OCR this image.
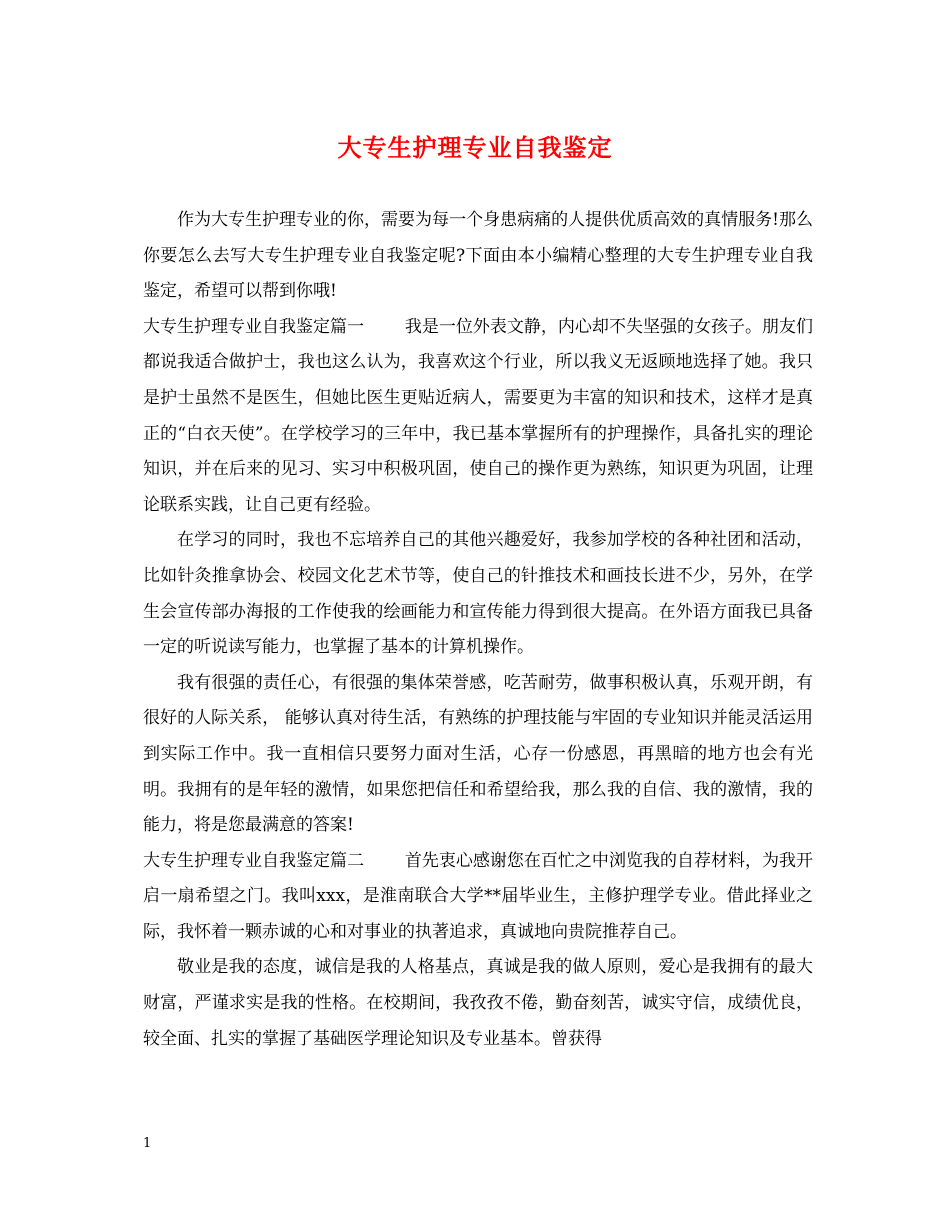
大专生护理专业自我鉴定

作为大专生护理专业的你，需要为每一个身患病痛的人提供优质高效的真情服务!那么你要怎么去写大专生护理专业自我鉴定呢?下面由本小编精心整理的大专生护理专业自我鉴定，希望可以帮到你哦!

大专生护理专业自我鉴定篇一 我是一位外表文静，内心却不失坚强的女孩子。朋友们都说我适合做护士，我也这么认为，我喜欢这个行业，所以我义无返顾地选择了她。我只是护士虽然不是医生，但她比医生更贴近病人，需要更为丰富的知识和技术，这样才是真正的“白衣天使”。在学校学习的三年中，我已基本掌握所有的护理操作，具备扎实的理论知识，并在后来的见习、实习中积极巩固，使自己的操作更为熟练，知识更为巩固，让理论联系实践，让自己更有经验。

在学习的同时，我也不忘培养自己的其他兴趣爱好，我参加学校的各种社团和活动，比如针灸推拿协会、校园文化艺术节等，使自己的针推技术和画技长进不少，另外，在学生会宣传部办海报的工作使我的绘画能力和宣传能力得到很大提高。在外语方面我已具备一定的听说读写能力，也掌握了基本的计算机操作。

我有很强的责任心，有很强的集体荣誉感，吃苦耐劳，做事积极认真，乐观开朗，有很好的人际关系， 能够认真对待生活，有熟练的护理技能与牢固的专业知识并能灵活运用到实际工作中。我一直相信只要努力面对生活，心存一份感恩，再黑暗的地方也会有光明。我拥有的是年轻的激情，如果您把信任和希望给我，那么我的自信、我的激情，我的能力，将是您最满意的答案!

大专生护理专业自我鉴定篇二 首先衷心感谢您在百忙之中浏览我的自荐材料，为我开启一扇希望之门。我叫xxx，是淮南联合大学**届毕业生，主修护理学专业。借此择业之际，我怀着一颗赤诚的心和对事业的执著追求，真诚地向贵院推荐自己。

敬业是我的态度，诚信是我的人格基点，真诚是我的做人原则，爱心是我拥有的最大财富，严谨求实是我的性格。在校期间，我孜孜不倦，勤奋刻苦，诚实守信，成绩优良，较全面、扎实的掌握了基础医学理论知识及专业基本。曾获得

1
